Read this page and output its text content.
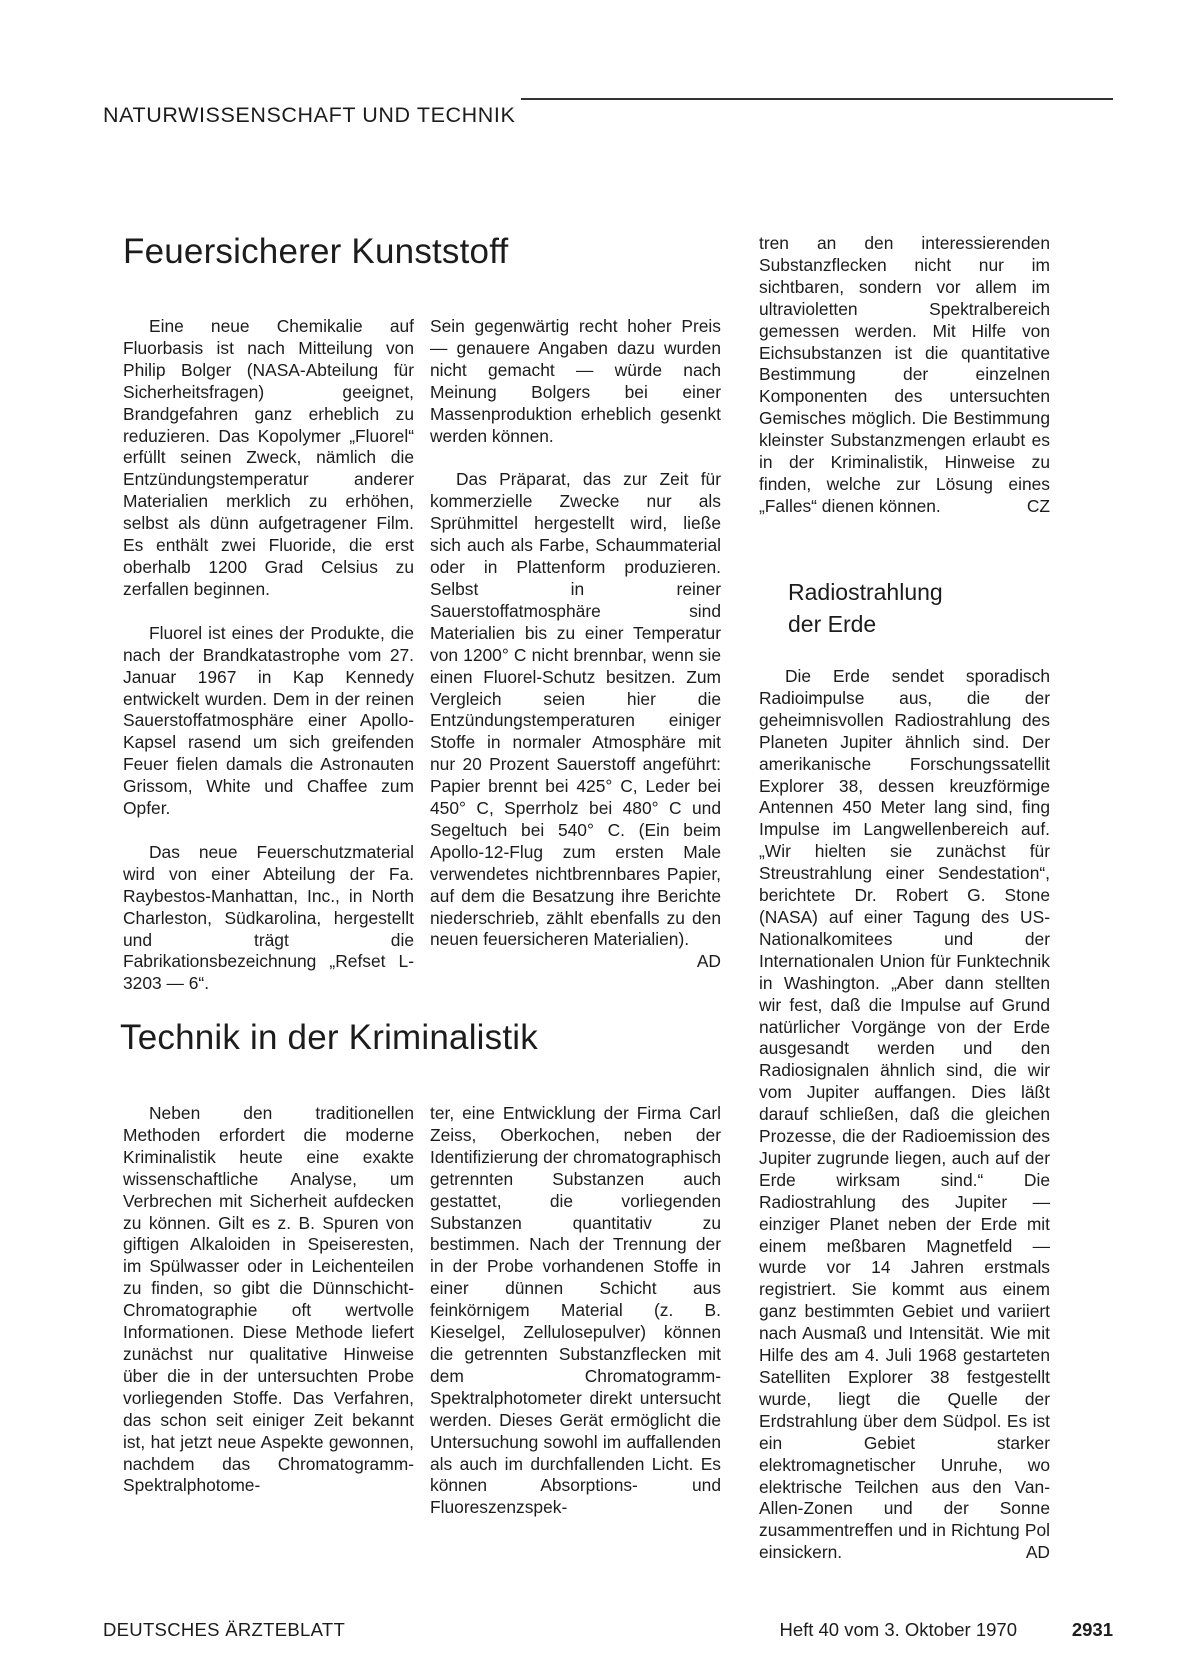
NATURWISSENSCHAFT UND TECHNIK
Feuersicherer Kunststoff

Eine neue Chemikalie auf Fluorbasis ist nach Mitteilung von Philip Bolger (NASA-Abteilung für Sicherheitsfragen) geeignet, Brandgefahren ganz erheblich zu reduzieren. Das Kopolymer „Fluorel“ erfüllt seinen Zweck, nämlich die Entzündungstemperatur anderer Materialien merklich zu erhöhen, selbst als dünn aufgetragener Film. Es enthält zwei Fluoride, die erst oberhalb 1200 Grad Celsius zu zerfallen beginnen.

Fluorel ist eines der Produkte, die nach der Brandkatastrophe vom 27. Januar 1967 in Kap Kennedy entwickelt wurden. Dem in der reinen Sauerstoffatmosphäre einer Apollo-Kapsel rasend um sich greifenden Feuer fielen damals die Astronauten Grissom, White und Chaffee zum Opfer.

Das neue Feuerschutzmaterial wird von einer Abteilung der Fa. Raybestos-Manhattan, Inc., in North Charleston, Südkarolina, hergestellt und trägt die Fabrikationsbezeichnung „Refset L-3203 — 6“.

Sein gegenwärtig recht hoher Preis — genauere Angaben dazu wurden nicht gemacht — würde nach Meinung Bolgers bei einer Massenproduktion erheblich gesenkt werden können.

Das Präparat, das zur Zeit für kommerzielle Zwecke nur als Sprühmittel hergestellt wird, ließe sich auch als Farbe, Schaummaterial oder in Plattenform produzieren. Selbst in reiner Sauerstoffatmosphäre sind Materialien bis zu einer Temperatur von 1200° C nicht brennbar, wenn sie einen Fluorel-Schutz besitzen. Zum Vergleich seien hier die Entzündungstemperaturen einiger Stoffe in normaler Atmosphäre mit nur 20 Prozent Sauerstoff angeführt: Papier brennt bei 425° C, Leder bei 450° C, Sperrholz bei 480° C und Segeltuch bei 540° C. (Ein beim Apollo-12-Flug zum ersten Male verwendetes nichtbrennbares Papier, auf dem die Besatzung ihre Berichte niederschrieb, zählt ebenfalls zu den neuen feuersicheren Materialien).
AD

Technik in der Kriminalistik

Neben den traditionellen Methoden erfordert die moderne Kriminalistik heute eine exakte wissenschaftliche Analyse, um Verbrechen mit Sicherheit aufdecken zu können. Gilt es z. B. Spuren von giftigen Alkaloiden in Speiseresten, im Spülwasser oder in Leichenteilen zu finden, so gibt die Dünnschicht-Chromatographie oft wertvolle Informationen. Diese Methode liefert zunächst nur qualitative Hinweise über die in der untersuchten Probe vorliegenden Stoffe. Das Verfahren, das schon seit einiger Zeit bekannt ist, hat jetzt neue Aspekte gewonnen, nachdem das Chromatogramm-Spektralphotome-

ter, eine Entwicklung der Firma Carl Zeiss, Oberkochen, neben der Identifizierung der chromatographisch getrennten Substanzen auch gestattet, die vorliegenden Substanzen quantitativ zu bestimmen. Nach der Trennung der in der Probe vorhandenen Stoffe in einer dünnen Schicht aus feinkörnigem Material (z. B. Kieselgel, Zellulosepulver) können die getrennten Substanzflecken mit dem Chromatogramm-Spektralphotometer direkt untersucht werden. Dieses Gerät ermöglicht die Untersuchung sowohl im auffallenden als auch im durchfallenden Licht. Es können Absorptions- und Fluoreszenzspek-

tren an den interessierenden Substanzflecken nicht nur im sichtbaren, sondern vor allem im ultravioletten Spektralbereich gemessen werden. Mit Hilfe von Eichsubstanzen ist die quantitative Bestimmung der einzelnen Komponenten des untersuchten Gemisches möglich. Die Bestimmung kleinster Substanzmengen erlaubt es in der Kriminalistik, Hinweise zu finden, welche zur Lösung eines „Falles“ dienen können.	CZ

Radiostrahlung
der Erde

Die Erde sendet sporadisch Radioimpulse aus, die der geheimnisvollen Radiostrahlung des Planeten Jupiter ähnlich sind. Der amerikanische Forschungssatellit Explorer 38, dessen kreuzförmige Antennen 450 Meter lang sind, fing Impulse im Langwellenbereich auf. „Wir hielten sie zunächst für Streustrahlung einer Sendestation“, berichtete Dr. Robert G. Stone (NASA) auf einer Tagung des US-Nationalkomitees und der Internationalen Union für Funktechnik in Washington. „Aber dann stellten wir fest, daß die Impulse auf Grund natürlicher Vorgänge von der Erde ausgesandt werden und den Radiosignalen ähnlich sind, die wir vom Jupiter auffangen. Dies läßt darauf schließen, daß die gleichen Prozesse, die der Radioemission des Jupiter zugrunde liegen, auch auf der Erde wirksam sind.“ Die Radiostrahlung des Jupiter — einziger Planet neben der Erde mit einem meßbaren Magnetfeld — wurde vor 14 Jahren erstmals registriert. Sie kommt aus einem ganz bestimmten Gebiet und variiert nach Ausmaß und Intensität. Wie mit Hilfe des am 4. Juli 1968 gestarteten Satelliten Explorer 38 festgestellt wurde, liegt die Quelle der Erdstrahlung über dem Südpol. Es ist ein Gebiet starker elektromagnetischer Unruhe, wo elektrische Teilchen aus den Van-Allen-Zonen und der Sonne zusammentreffen und in Richtung Pol einsickern.	AD

DEUTSCHES ÄRZTEBLATT	Heft 40 vom 3. Oktober 1970	2931
